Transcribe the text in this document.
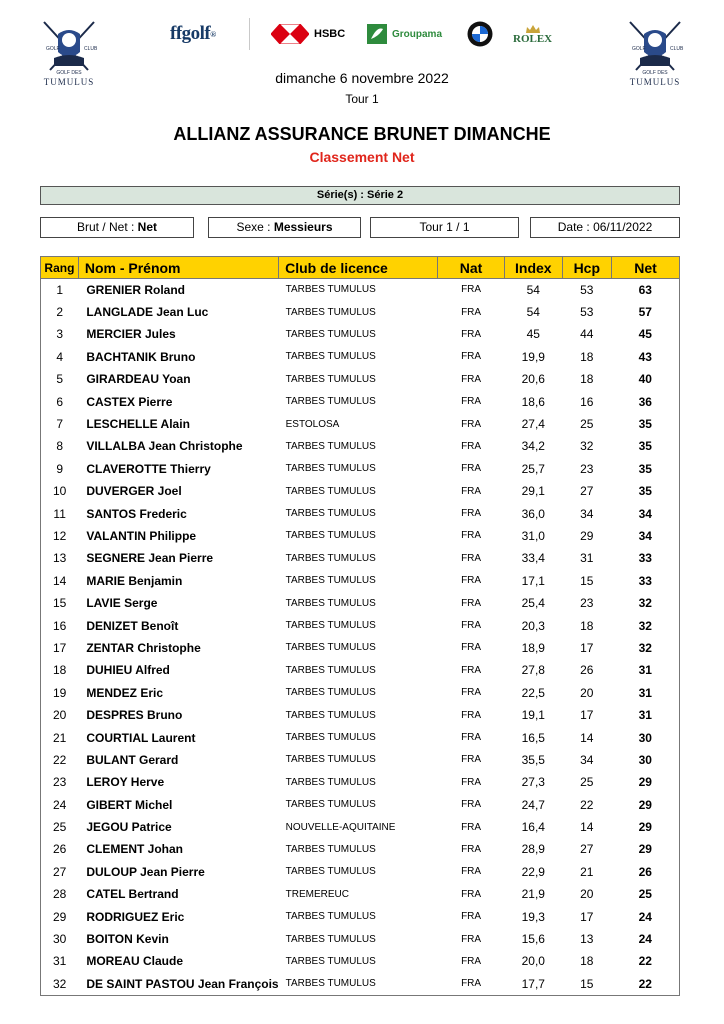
GOLF	CLUB
GOLF DES
TUMULUS
GOLF	CLUB
GOLF DES
TUMULUS
ffgolf ®	HSBC	Groupama	ROLEX
dimanche 6 novembre 2022
Tour 1
ALLIANZ ASSURANCE BRUNET DIMANCHE
Classement Net
Série(s) : Série 2
Brut / Net : Net	Sexe : Messieurs	Tour 1 / 1	Date : 06/11/2022
Rang	Nom - Prénom	Club de licence	Nat	Index	Hcp	Net
1	GRENIER Roland	TARBES TUMULUS	FRA	54	53	63
2	LANGLADE Jean Luc	TARBES TUMULUS	FRA	54	53	57
3	MERCIER Jules	TARBES TUMULUS	FRA	45	44	45
4	BACHTANIK Bruno	TARBES TUMULUS	FRA	19,9	18	43
5	GIRARDEAU Yoan	TARBES TUMULUS	FRA	20,6	18	40
6	CASTEX Pierre	TARBES TUMULUS	FRA	18,6	16	36
7	LESCHELLE Alain	ESTOLOSA	FRA	27,4	25	35
8	VILLALBA Jean Christophe	TARBES TUMULUS	FRA	34,2	32	35
9	CLAVEROTTE Thierry	TARBES TUMULUS	FRA	25,7	23	35
10	DUVERGER Joel	TARBES TUMULUS	FRA	29,1	27	35
11	SANTOS Frederic	TARBES TUMULUS	FRA	36,0	34	34
12	VALANTIN Philippe	TARBES TUMULUS	FRA	31,0	29	34
13	SEGNERE Jean Pierre	TARBES TUMULUS	FRA	33,4	31	33
14	MARIE Benjamin	TARBES TUMULUS	FRA	17,1	15	33
15	LAVIE Serge	TARBES TUMULUS	FRA	25,4	23	32
16	DENIZET Benoît	TARBES TUMULUS	FRA	20,3	18	32
17	ZENTAR Christophe	TARBES TUMULUS	FRA	18,9	17	32
18	DUHIEU Alfred	TARBES TUMULUS	FRA	27,8	26	31
19	MENDEZ Eric	TARBES TUMULUS	FRA	22,5	20	31
20	DESPRES Bruno	TARBES TUMULUS	FRA	19,1	17	31
21	COURTIAL Laurent	TARBES TUMULUS	FRA	16,5	14	30
22	BULANT Gerard	TARBES TUMULUS	FRA	35,5	34	30
23	LEROY Herve	TARBES TUMULUS	FRA	27,3	25	29
24	GIBERT Michel	TARBES TUMULUS	FRA	24,7	22	29
25	JEGOU Patrice	NOUVELLE-AQUITAINE	FRA	16,4	14	29
26	CLEMENT Johan	TARBES TUMULUS	FRA	28,9	27	29
27	DULOUP Jean Pierre	TARBES TUMULUS	FRA	22,9	21	26
28	CATEL Bertrand	TREMEREUC	FRA	21,9	20	25
29	RODRIGUEZ Eric	TARBES TUMULUS	FRA	19,3	17	24
30	BOITON Kevin	TARBES TUMULUS	FRA	15,6	13	24
31	MOREAU Claude	TARBES TUMULUS	FRA	20,0	18	22
32	DE SAINT PASTOU Jean François	TARBES TUMULUS	FRA	17,7	15	22
